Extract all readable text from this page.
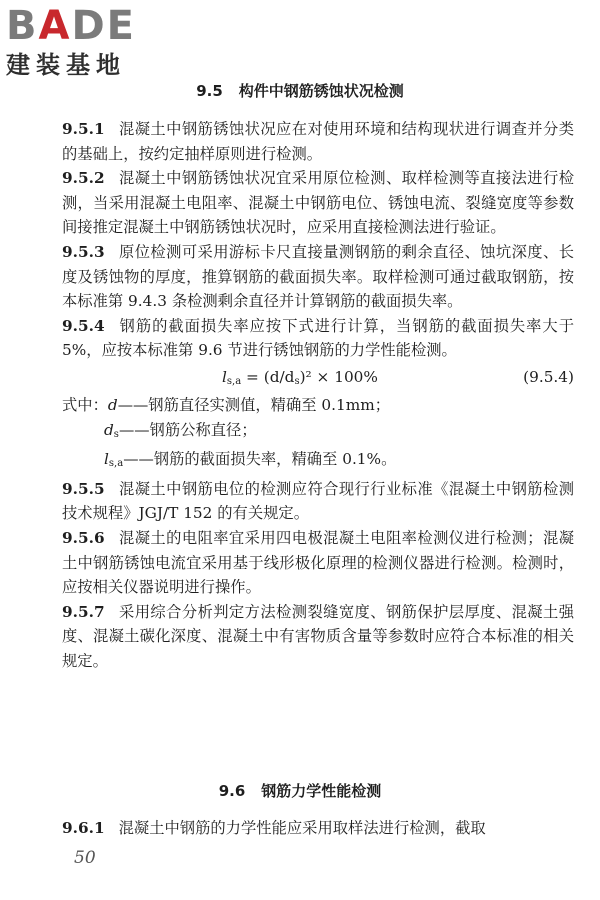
BADE
建装基地
9.5 构件中钢筋锈蚀状况检测

9.5.1 混凝土中钢筋锈蚀状况应在对使用环境和结构现状进行调查并分类的基础上，按约定抽样原则进行检测。

9.5.2 混凝土中钢筋锈蚀状况宜采用原位检测、取样检测等直接法进行检测，当采用混凝土电阻率、混凝土中钢筋电位、锈蚀电流、裂缝宽度等参数间接推定混凝土中钢筋锈蚀状况时，应采用直接检测法进行验证。

9.5.3 原位检测可采用游标卡尺直接量测钢筋的剩余直径、蚀坑深度、长度及锈蚀物的厚度，推算钢筋的截面损失率。取样检测可通过截取钢筋，按本标准第 9.4.3 条检测剩余直径并计算钢筋的截面损失率。

9.5.4 钢筋的截面损失率应按下式进行计算，当钢筋的截面损失率大于 5%，应按本标准第 9.6 节进行锈蚀钢筋的力学性能检测。

$l_{s,a} = (d/d_s)^2 \times 100\%$	(9.5.4)
式中：d——钢筋直径实测值，精确至 0.1mm；
$d_s——$钢筋公称直径；
$l_{s,a}——$钢筋的截面损失率，精确至 0.1%。

9.5.5 混凝土中钢筋电位的检测应符合现行行业标准《混凝土中钢筋检测技术规程》JGJ/T 152 的有关规定。

9.5.6 混凝土的电阻率宜采用四电极混凝土电阻率检测仪进行检测；混凝土中钢筋锈蚀电流宜采用基于线形极化原理的检测仪器进行检测。检测时，应按相关仪器说明进行操作。

9.5.7 采用综合分析判定方法检测裂缝宽度、钢筋保护层厚度、混凝土强度、混凝土碳化深度、混凝土中有害物质含量等参数时应符合本标准的相关规定。

9.6 钢筋力学性能检测

9.6.1 混凝土中钢筋的力学性能应采用取样法进行检测，截取

50
